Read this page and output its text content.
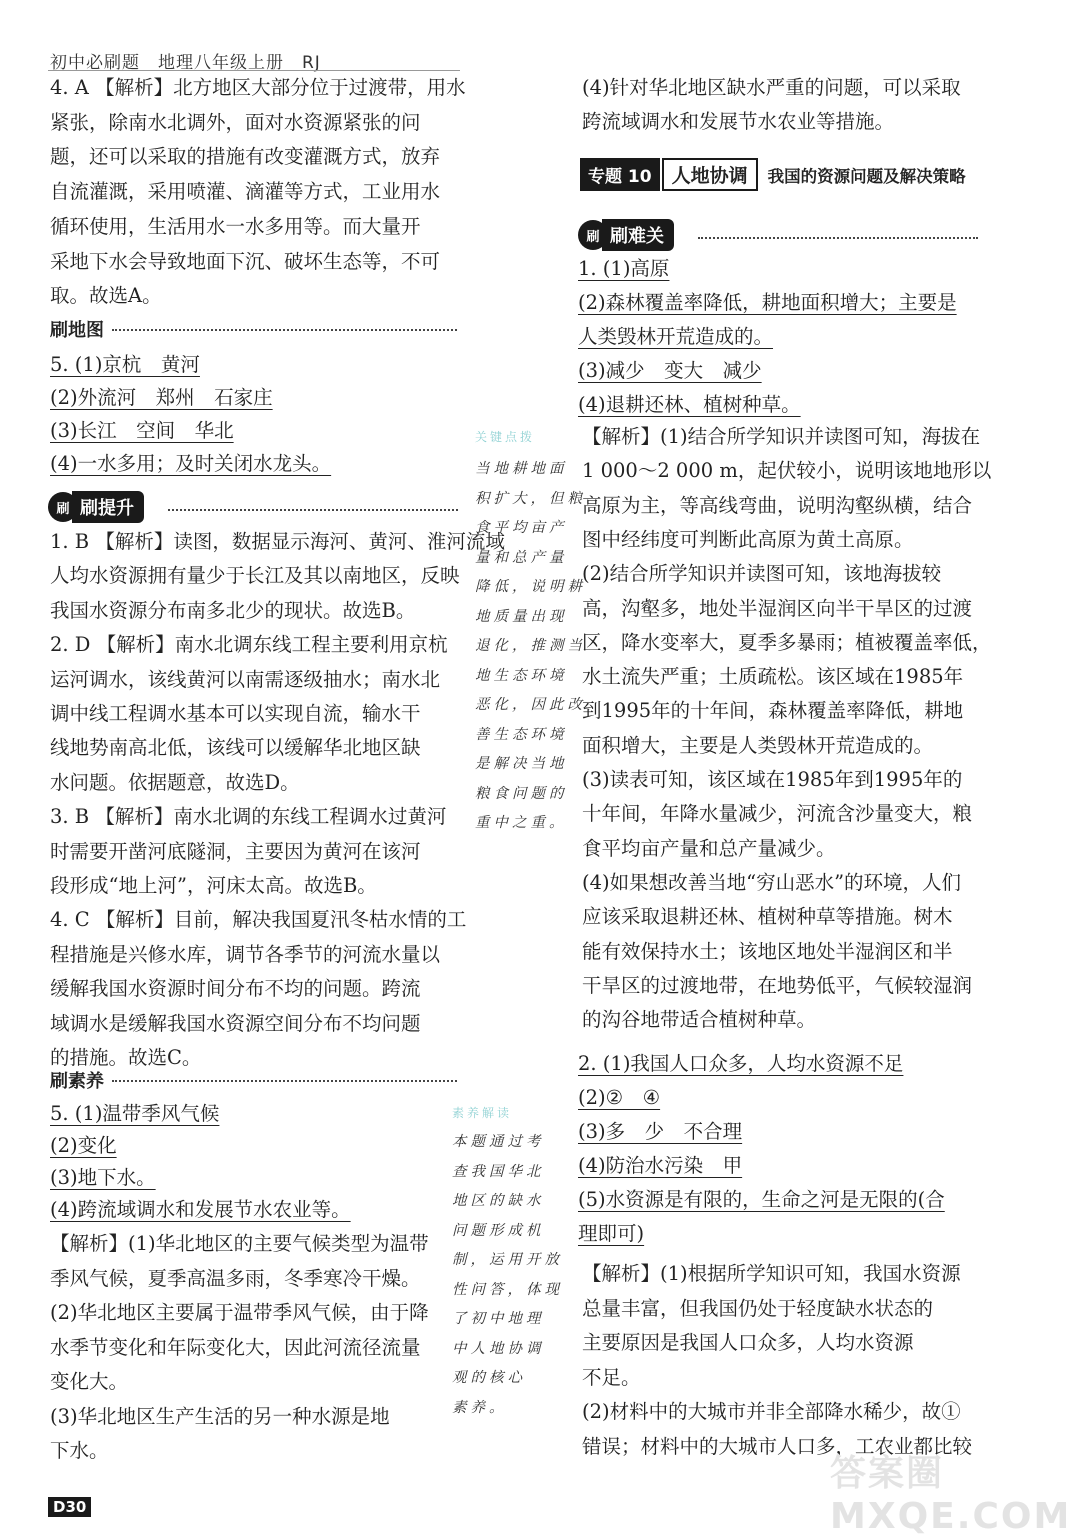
初中必刷题　地理八年级上册　RJ
4. A 【解析】北方地区大部分位于过渡带，用水
紧张，除南水北调外，面对水资源紧张的问
题，还可以采取的措施有改变灌溉方式，放弃
自流灌溉，采用喷灌、滴灌等方式，工业用水
循环使用，生活用水一水多用等。而大量开
采地下水会导致地面下沉、破坏生态等，不可
取。故选A。
5. (1)京杭　黄河
(2)外流河　郑州　石家庄
(3)长江　空间　华北
(4)一水多用；及时关闭水龙头。
1. B 【解析】读图，数据显示海河、黄河、淮河流域
人均水资源拥有量少于长江及其以南地区，反映
我国水资源分布南多北少的现状。故选B。
2. D 【解析】南水北调东线工程主要利用京杭
运河调水，该线黄河以南需逐级抽水；南水北
调中线工程调水基本可以实现自流，输水干
线地势南高北低，该线可以缓解华北地区缺
水问题。依据题意，故选D。
3. B 【解析】南水北调的东线工程调水过黄河
时需要开凿河底隧洞，主要因为黄河在该河
段形成“地上河”，河床太高。故选B。
4. C 【解析】目前，解决我国夏汛冬枯水情的工
程措施是兴修水库，调节各季节的河流水量以
缓解我国水资源时间分布不均的问题。跨流
域调水是缓解我国水资源空间分布不均问题
的措施。故选C。
5. (1)温带季风气候
(2)变化
(3)地下水。
(4)跨流域调水和发展节水农业等。
【解析】(1)华北地区的主要气候类型为温带
季风气候，夏季高温多雨，冬季寒冷干燥。
(2)华北地区主要属于温带季风气候，由于降
水季节变化和年际变化大，因此河流径流量
变化大。
(3)华北地区生产生活的另一种水源是地
下水。
(4)针对华北地区缺水严重的问题，可以采取
跨流域调水和发展节水农业等措施。
1. (1)高原
(2)森林覆盖率降低，耕地面积增大；主要是
人类毁林开荒造成的。
(3)减少　变大　减少
(4)退耕还林、植树种草。
【解析】(1)结合所学知识并读图可知，海拔在
1 000～2 000 m，起伏较小，说明该地地形以
高原为主，等高线弯曲，说明沟壑纵横，结合
图中经纬度可判断此高原为黄土高原。
(2)结合所学知识并读图可知，该地海拔较
高，沟壑多，地处半湿润区向半干旱区的过渡
区，降水变率大，夏季多暴雨；植被覆盖率低，
水土流失严重；土质疏松。该区域在1985年
到1995年的十年间，森林覆盖率降低，耕地
面积增大，主要是人类毁林开荒造成的。
(3)读表可知，该区域在1985年到1995年的
十年间，年降水量减少，河流含沙量变大，粮
食平均亩产量和总产量减少。
(4)如果想改善当地“穷山恶水”的环境，人们
应该采取退耕还林、植树种草等措施。树木
能有效保持水土；该地区地处半湿润区和半
干旱区的过渡地带，在地势低平，气候较湿润
的沟谷地带适合植树种草。
2. (1)我国人口众多，人均水资源不足
(2)②　④
(3)多　少　不合理
(4)防治水污染　甲
(5)水资源是有限的，生命之河是无限的(合
理即可)
【解析】(1)根据所学知识可知，我国水资源
总量丰富，但我国仍处于轻度缺水状态的
主要原因是我国人口众多，人均水资源
不足。
(2)材料中的大城市并非全部降水稀少，故①
错误；材料中的大城市人口多，工农业都比较
关键点拨
当地耕地面
积扩大，但粮
食平均亩产
量和总产量
降低，说明耕
地质量出现
退化，推测当
地生态环境
恶化，因此改
善生态环境
是解决当地
粮食问题的
重中之重。
素养解读
本题通过考
查我国华北
地区的缺水
问题形成机
制，运用开放
性问答，体现
了初中地理
中人地协调
观的核心
素养。
刷地图
刷 刷提升
刷素养
专题 10	人地协调	我国的资源问题及解决策略
刷 刷难关
D30
答案圈 MXQE.COM
